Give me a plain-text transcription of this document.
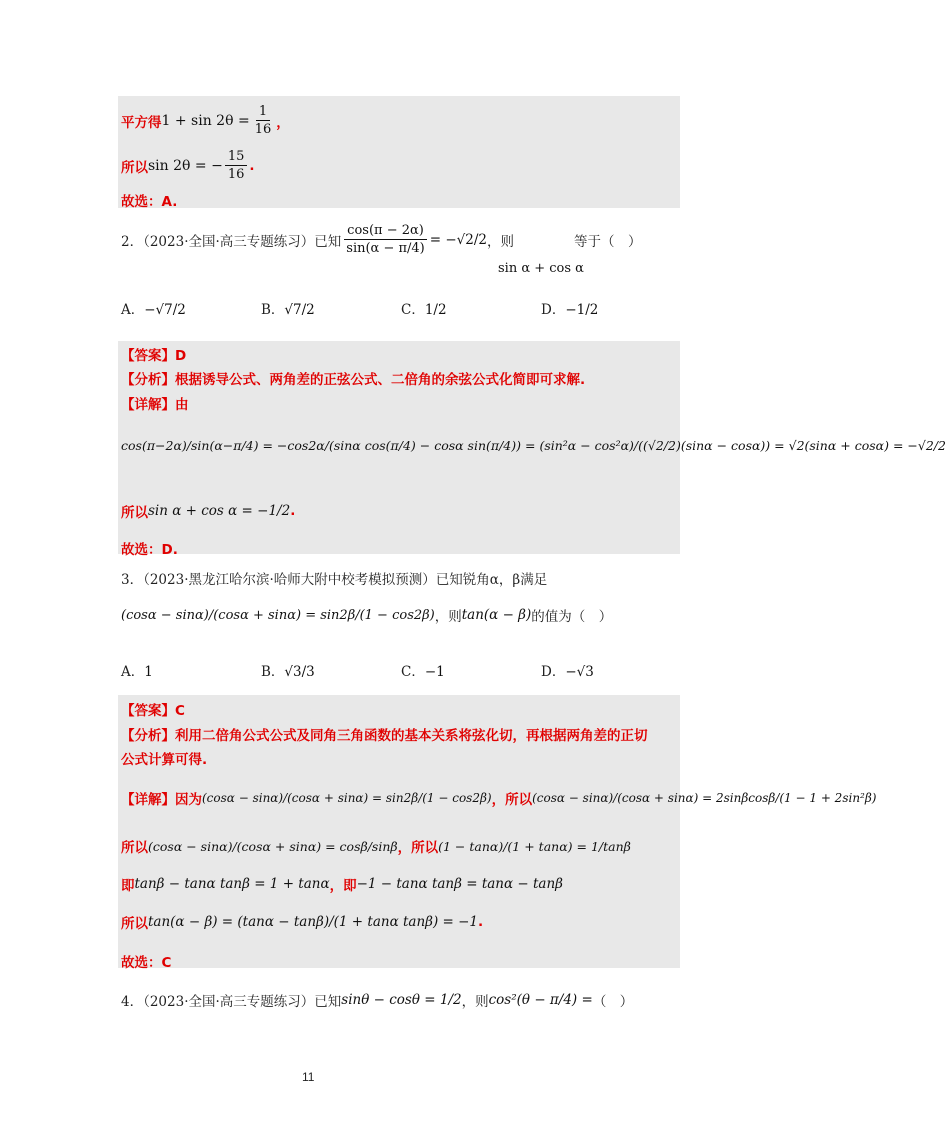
平方得 $1 + \sin 2\theta = \frac{1}{16}$ ，
所以 sin 2θ = − $\frac{15}{16}$ .
故选：A.
2．（2023·全国·高三专题练习）已知 $\frac{\cos(\pi - 2\alpha)}{\sin(\alpha - \pi/4)} = -√2/2$ ，则	等于（　）
sin α + cos α
A．−√7/2	B．√7/2	C．1/2	D．−1/2
【答案】D
【分析】根据诱导公式、两角差的正弦公式、二倍角的余弦公式化简即可求解.
【详解】由
cos(π−2α)/sin(α−π/4) = −cos2α/(sinα cos(π/4) − cosα sin(π/4)) = (sin²α − cos²α)/((√2/2)(sinα − cosα)) = √2(sinα + cosα) = −√2/2
所以 sin α + cos α = −1/2 .
故选：D.
3．（2023·黑龙江哈尔滨·哈师大附中校考模拟预测）已知锐角α，β满足
(cosα − sinα)/(cosα + sinα) = sin2β/(1 − cos2β) ，则 tan(α − β) 的值为（　）
A．1	B．√3/3	C．−1	D．−√3
【答案】C
【分析】利用二倍角公式公式及同角三角函数的基本关系将弦化切，再根据两角差的正切
公式计算可得.
【详解】因为 (cosα − sinα)/(cosα + sinα) = sin2β/(1 − cos2β) ，所以 (cosα − sinα)/(cosα + sinα) = 2sinβcosβ/(1 − 1 + 2sin²β)
所以 (cosα − sinα)/(cosα + sinα) = cosβ/sinβ ，所以 (1 − tanα)/(1 + tanα) = 1/tanβ
即 tanβ − tanα tanβ = 1 + tanα ，即 −1 − tanα tanβ = tanα − tanβ
所以 tan(α − β) = (tanα − tanβ)/(1 + tanα tanβ) = −1 .
故选：C
4．（2023·全国·高三专题练习）已知 sinθ − cosθ = 1/2 ，则 cos²(θ − π/4) = （　）
11
